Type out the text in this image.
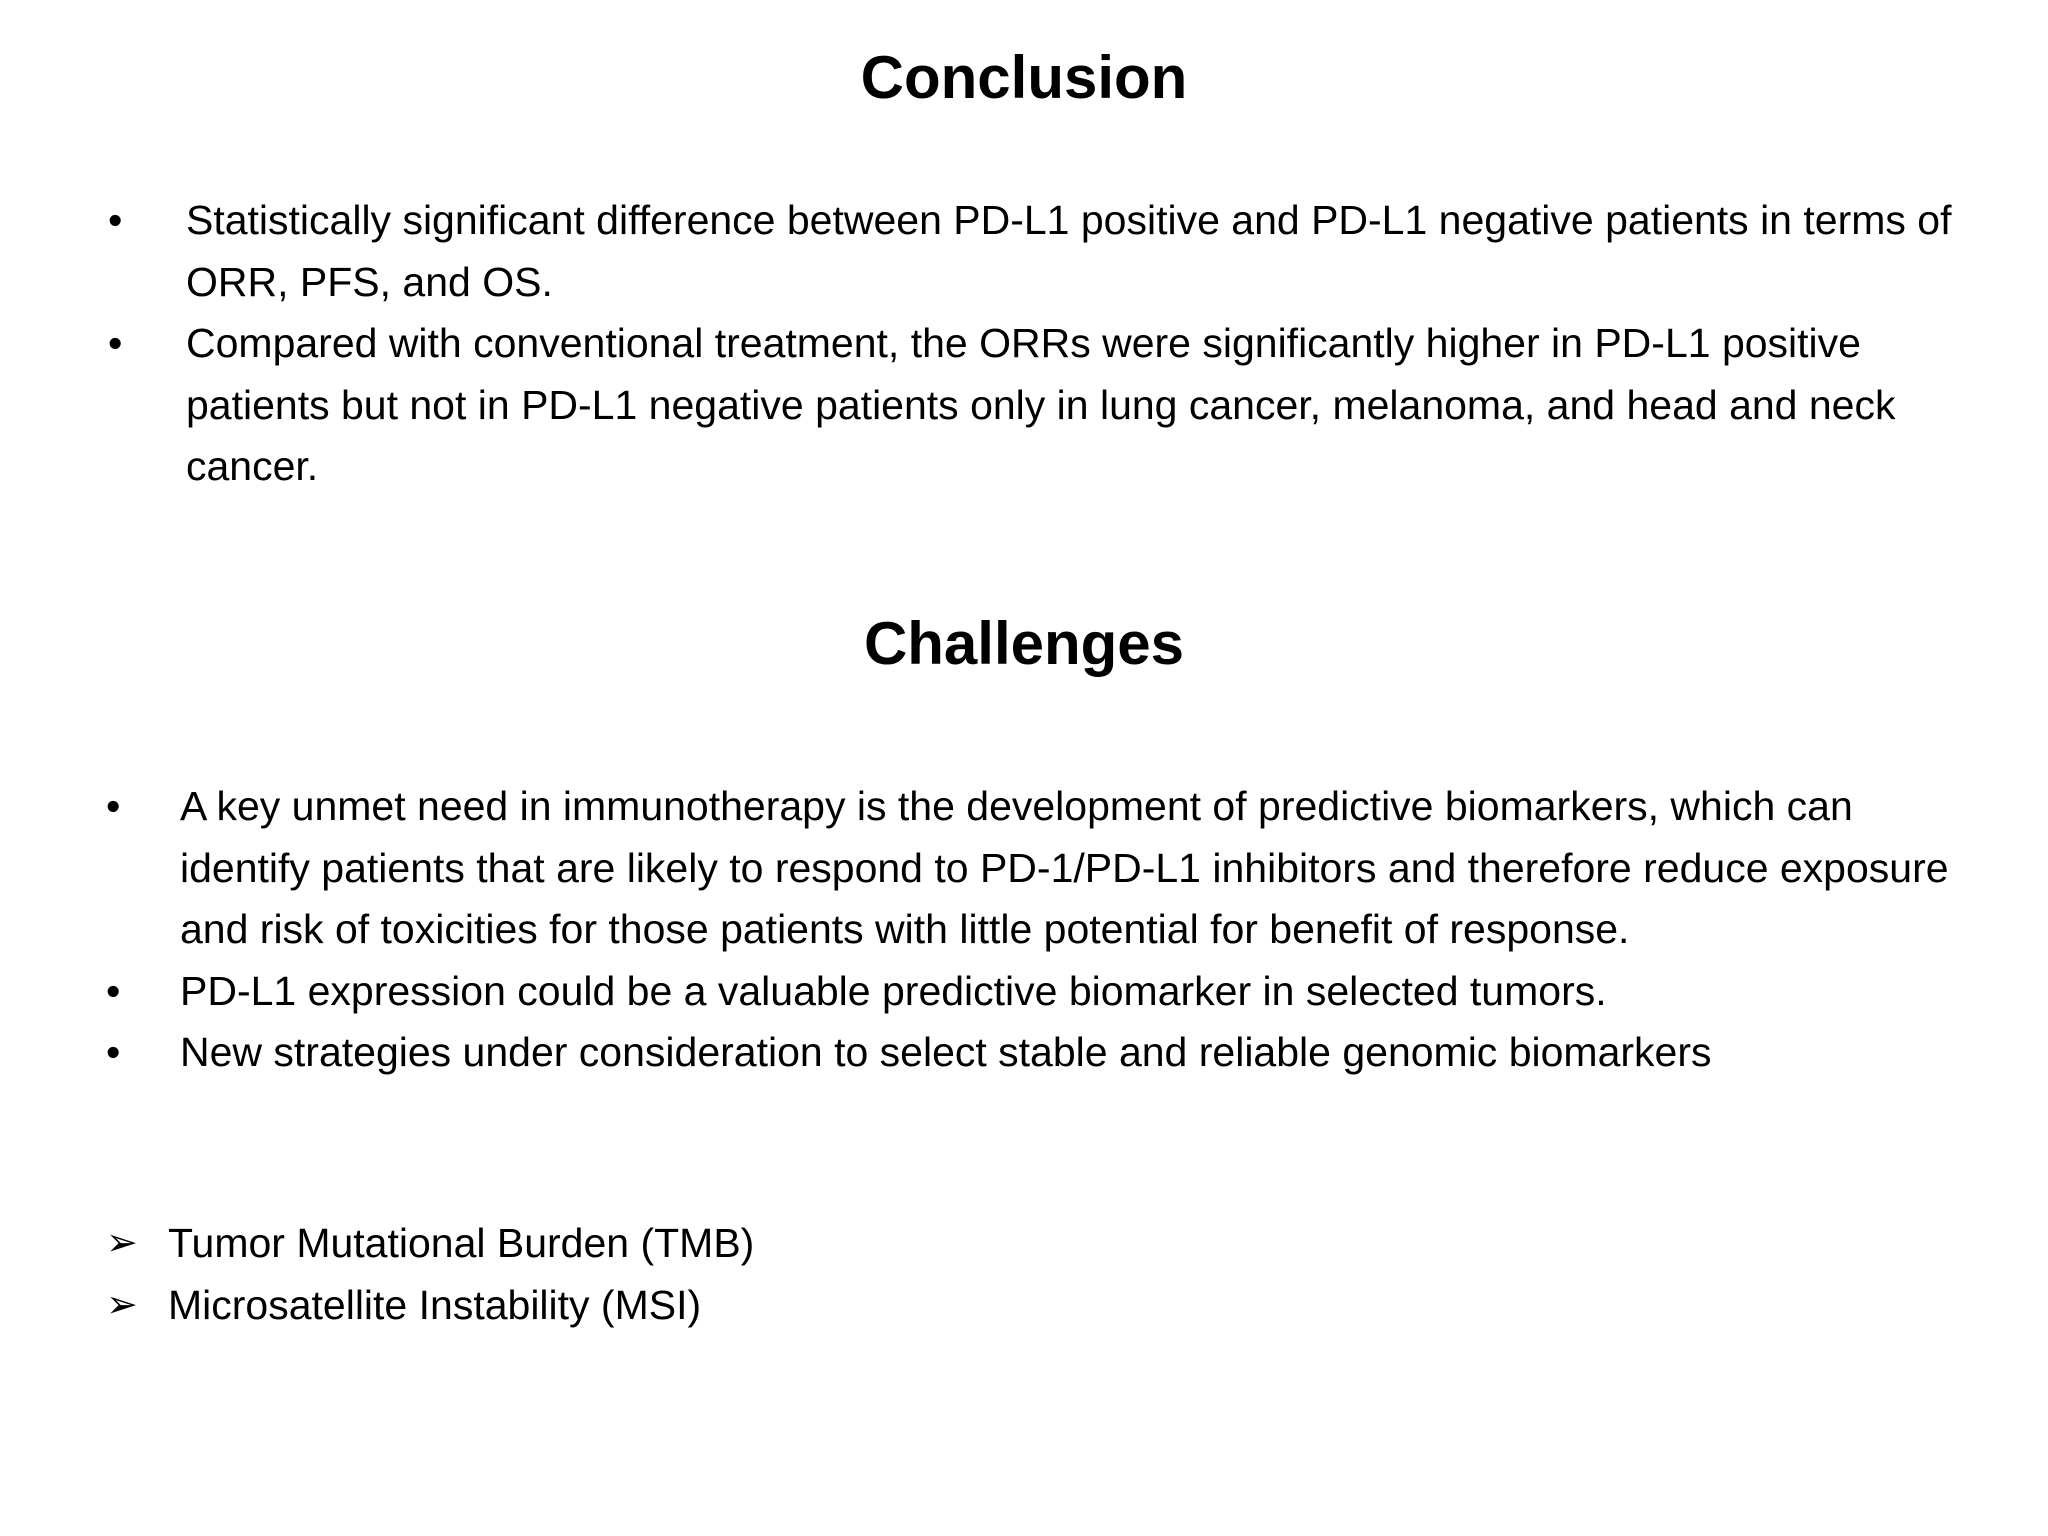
Conclusion
• Statistically significant difference between PD-L1 positive and PD-L1 negative patients in terms of ORR, PFS, and OS.
• Compared with conventional treatment, the ORRs were significantly higher in PD-L1 positive patients but not in PD-L1 negative patients only in lung cancer, melanoma, and head and neck cancer.
Challenges
• A key unmet need in immunotherapy is the development of predictive biomarkers, which can identify patients that are likely to respond to PD-1/PD-L1 inhibitors and therefore reduce exposure and risk of toxicities for those patients with little potential for benefit of response.
• PD-L1 expression could be a valuable predictive biomarker in selected tumors.
• New strategies under consideration to select stable and reliable genomic biomarkers
➢ Tumor Mutational Burden (TMB)
➢ Microsatellite Instability (MSI)
